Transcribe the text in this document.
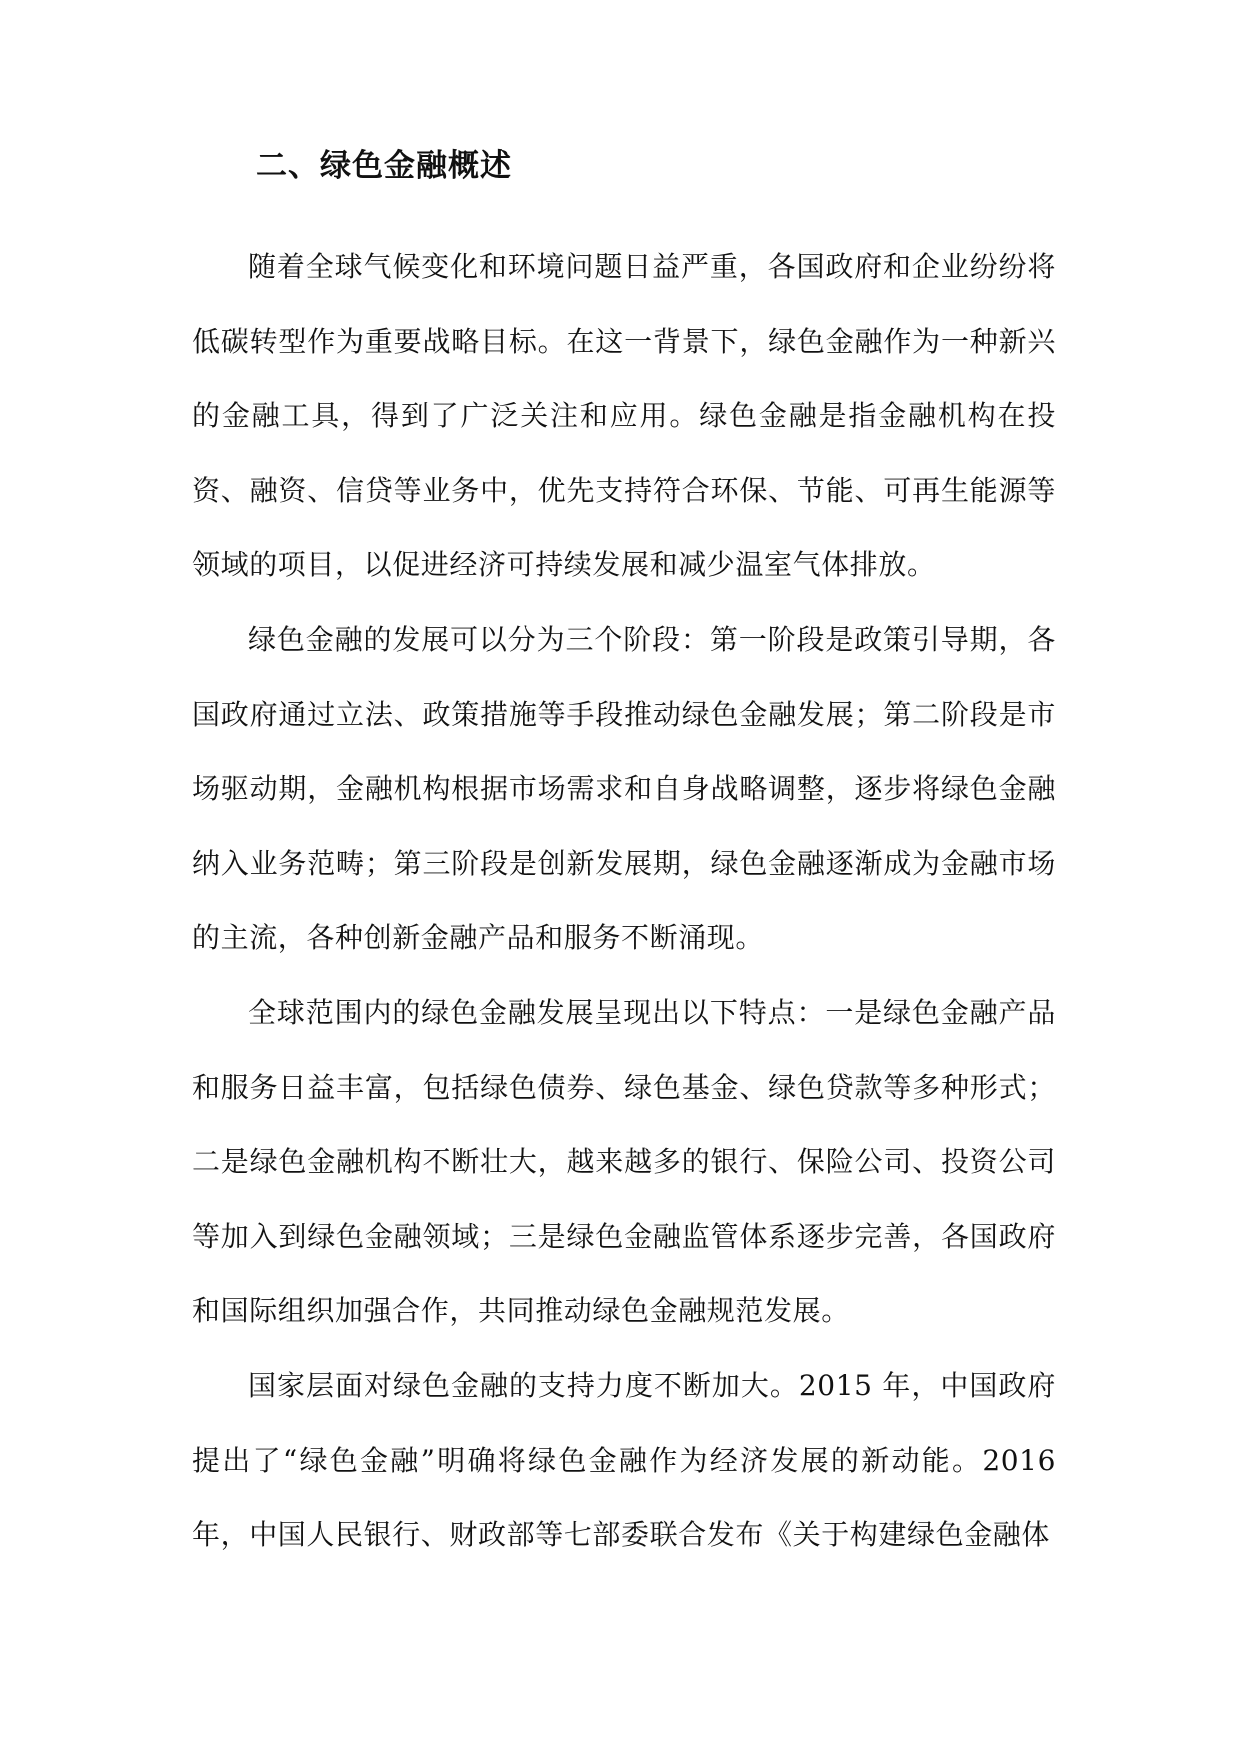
二、绿色金融概述

随着全球气候变化和环境问题日益严重，各国政府和企业纷纷将低碳转型作为重要战略目标。在这一背景下，绿色金融作为一种新兴的金融工具，得到了广泛关注和应用。绿色金融是指金融机构在投资、融资、信贷等业务中，优先支持符合环保、节能、可再生能源等领域的项目，以促进经济可持续发展和减少温室气体排放。

绿色金融的发展可以分为三个阶段：第一阶段是政策引导期，各国政府通过立法、政策措施等手段推动绿色金融发展；第二阶段是市场驱动期，金融机构根据市场需求和自身战略调整，逐步将绿色金融纳入业务范畴；第三阶段是创新发展期，绿色金融逐渐成为金融市场的主流，各种创新金融产品和服务不断涌现。

全球范围内的绿色金融发展呈现出以下特点：一是绿色金融产品和服务日益丰富，包括绿色债券、绿色基金、绿色贷款等多种形式；二是绿色金融机构不断壮大，越来越多的银行、保险公司、投资公司等加入到绿色金融领域；三是绿色金融监管体系逐步完善，各国政府和国际组织加强合作，共同推动绿色金融规范发展。

国家层面对绿色金融的支持力度不断加大。2015 年，中国政府提出了“绿色金融”明确将绿色金融作为经济发展的新动能。2016年，中国人民银行、财政部等七部委联合发布《关于构建绿色金融体
